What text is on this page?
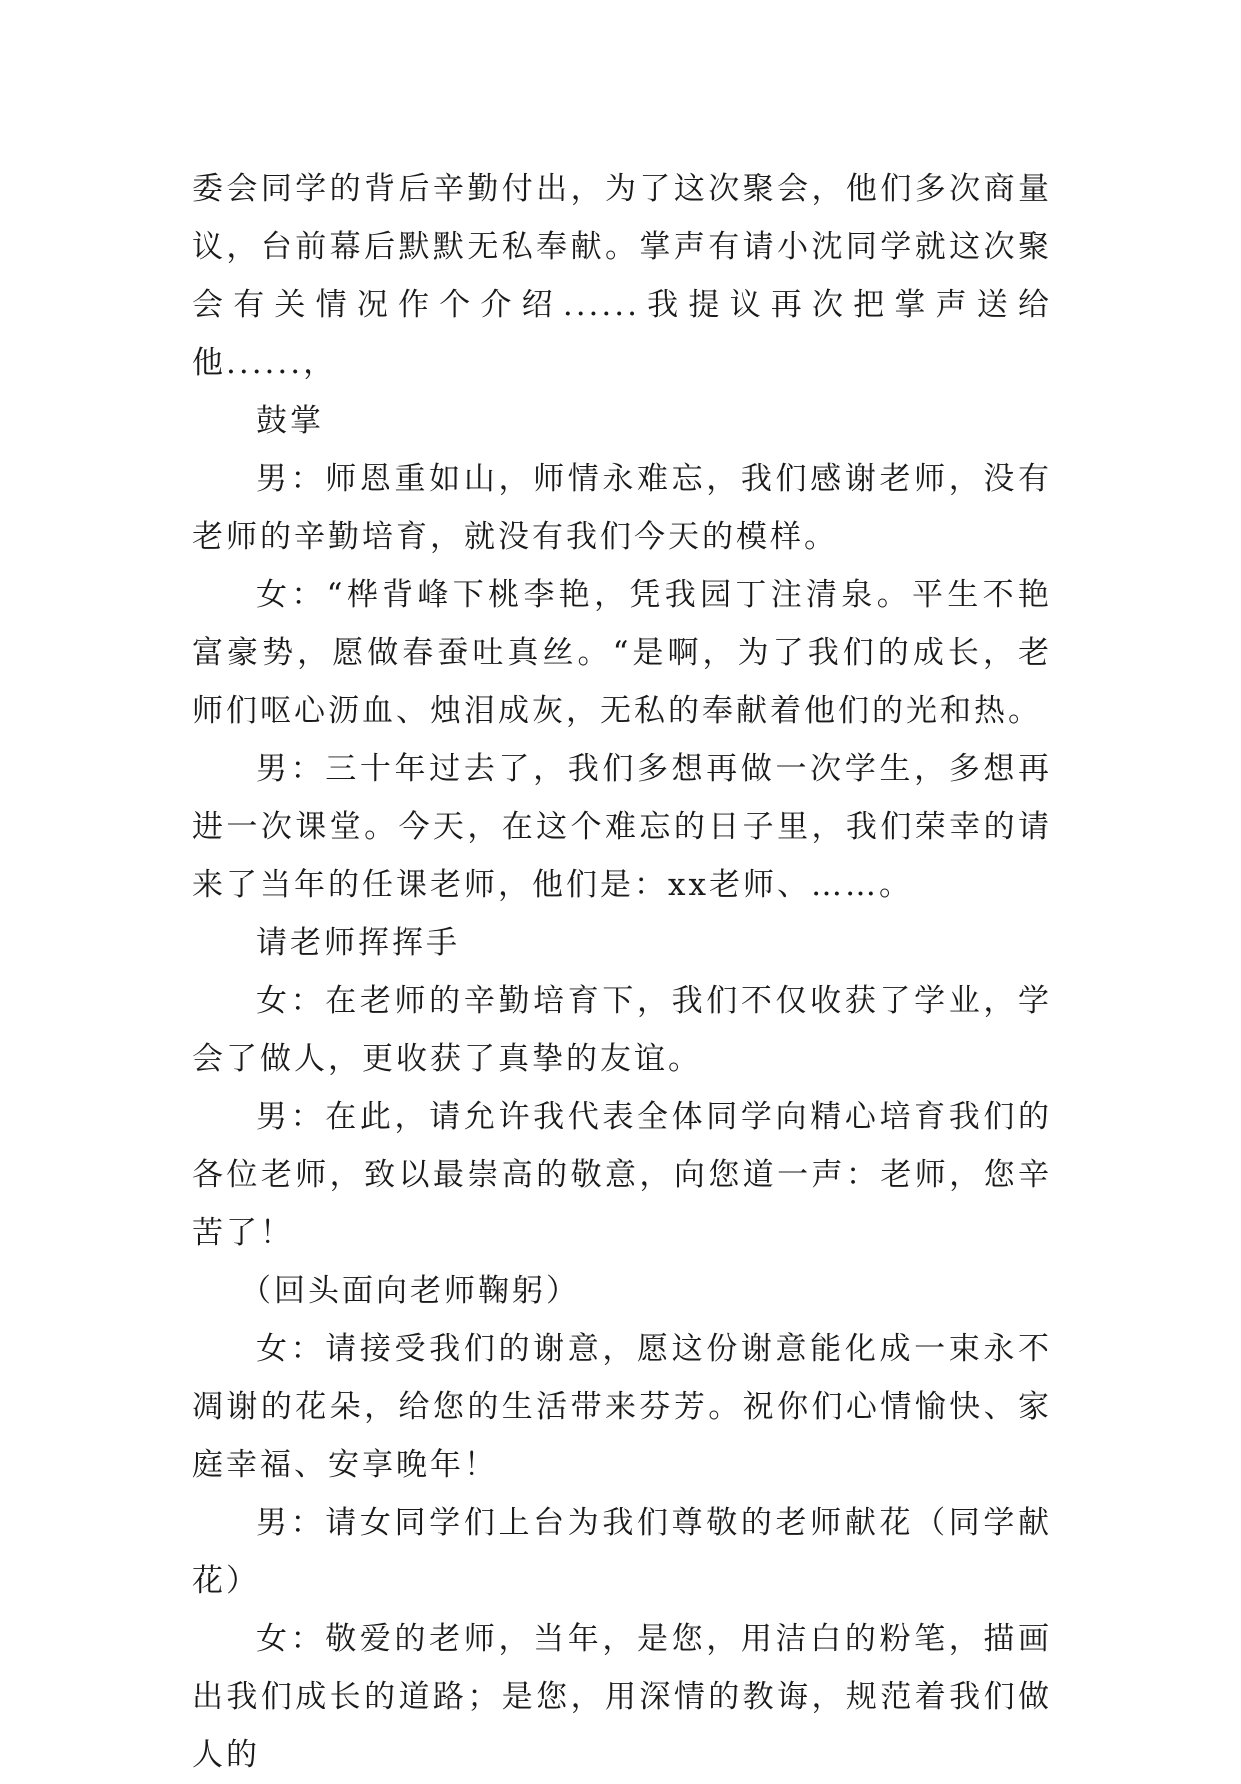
委会同学的背后辛勤付出，为了这次聚会，他们多次商量议，台前幕后默默无私奉献。掌声有请小沈同学就这次聚会有关情况作个介绍......我提议再次把掌声送给他......，

鼓掌

男：师恩重如山，师情永难忘，我们感谢老师，没有老师的辛勤培育，就没有我们今天的模样。

女：“桦背峰下桃李艳，凭我园丁注清泉。平生不艳富豪势，愿做春蚕吐真丝。“是啊，为了我们的成长，老师们呕心沥血、烛泪成灰，无私的奉献着他们的光和热。

男：三十年过去了，我们多想再做一次学生，多想再进一次课堂。今天，在这个难忘的日子里，我们荣幸的请来了当年的任课老师，他们是：xx老师、……。

请老师挥挥手

女：在老师的辛勤培育下，我们不仅收获了学业，学会了做人，更收获了真挚的友谊。

男：在此，请允许我代表全体同学向精心培育我们的各位老师，致以最崇高的敬意，向您道一声：老师，您辛苦了！

（回头面向老师鞠躬）

女：请接受我们的谢意，愿这份谢意能化成一束永不凋谢的花朵，给您的生活带来芬芳。祝你们心情愉快、家庭幸福、安享晚年！

男：请女同学们上台为我们尊敬的老师献花（同学献花）

女：敬爱的老师，当年，是您，用洁白的粉笔，描画出我们成长的道路；是您，用深情的教诲，规范着我们做人的
